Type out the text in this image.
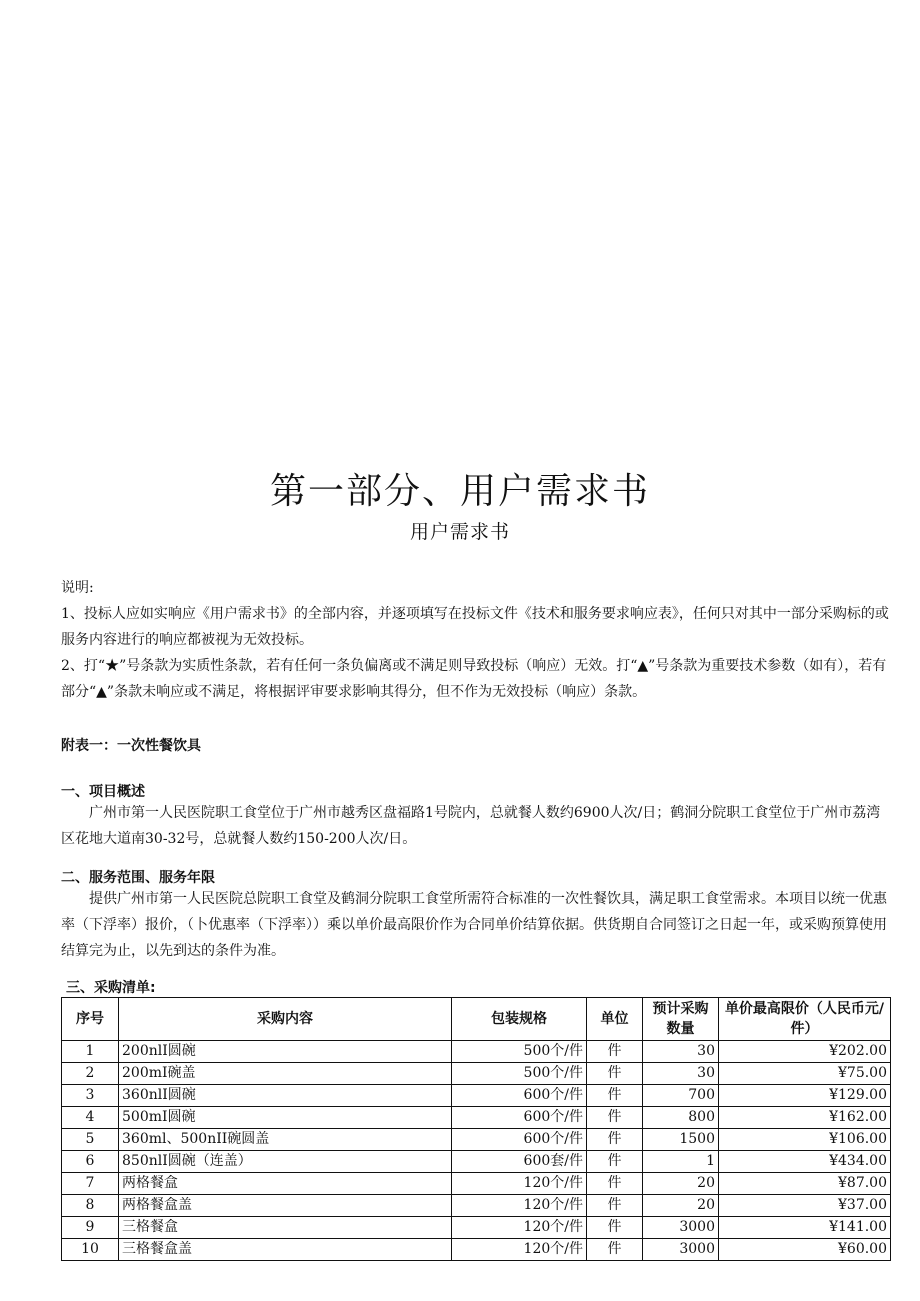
第一部分、用户需求书
用户需求书

说明:

1、投标人应如实响应《用户需求书》的全部内容，并逐项填写在投标文件《技术和服务要求响应表》，任何只对其中一部分采购标的或服务内容进行的响应都被视为无效投标。

2、打“★”号条款为实质性条款，若有任何一条负偏离或不满足则导致投标（响应）无效。打“▲”号条款为重要技术参数（如有），若有部分“▲”条款未响应或不满足，将根据评审要求影响其得分，但不作为无效投标（响应）条款。

附表一：一次性餐饮具
一、项目概述

广州市第一人民医院职工食堂位于广州市越秀区盘福路1号院内，总就餐人数约6900人次/日；鹤洞分院职工食堂位于广州市荔湾区花地大道南30-32号，总就餐人数约150-200人次/日。

二、服务范围、服务年限

提供广州市第一人民医院总院职工食堂及鹤洞分院职工食堂所需符合标准的一次性餐饮具，满足职工食堂需求。本项目以统一优惠率（下浮率）报价，（卜优惠率（下浮率））乘以单价最高限价作为合同单价结算依据。供货期自合同签订之日起一年，或采购预算使用结算完为止，以先到达的条件为准。

三、采购清单:
序号	采购内容	包装规格	单位	预计采购数量	单价最高限价（人民币元/件）
1	200nlI圆碗	500个/件	件	30	¥202.00
2	200mI碗盖	500个/件	件	30	¥75.00
3	360nlI圆碗	600个/件	件	700	¥129.00
4	500mI圆碗	600个/件	件	800	¥162.00
5	360ml、500nII碗圆盖	600个/件	件	1500	¥106.00
6	850nlI圆碗（连盖）	600套/件	件	1	¥434.00
7	两格餐盒	120个/件	件	20	¥87.00
8	两格餐盒盖	120个/件	件	20	¥37.00
9	三格餐盒	120个/件	件	3000	¥141.00
10	三格餐盒盖	120个/件	件	3000	¥60.00
